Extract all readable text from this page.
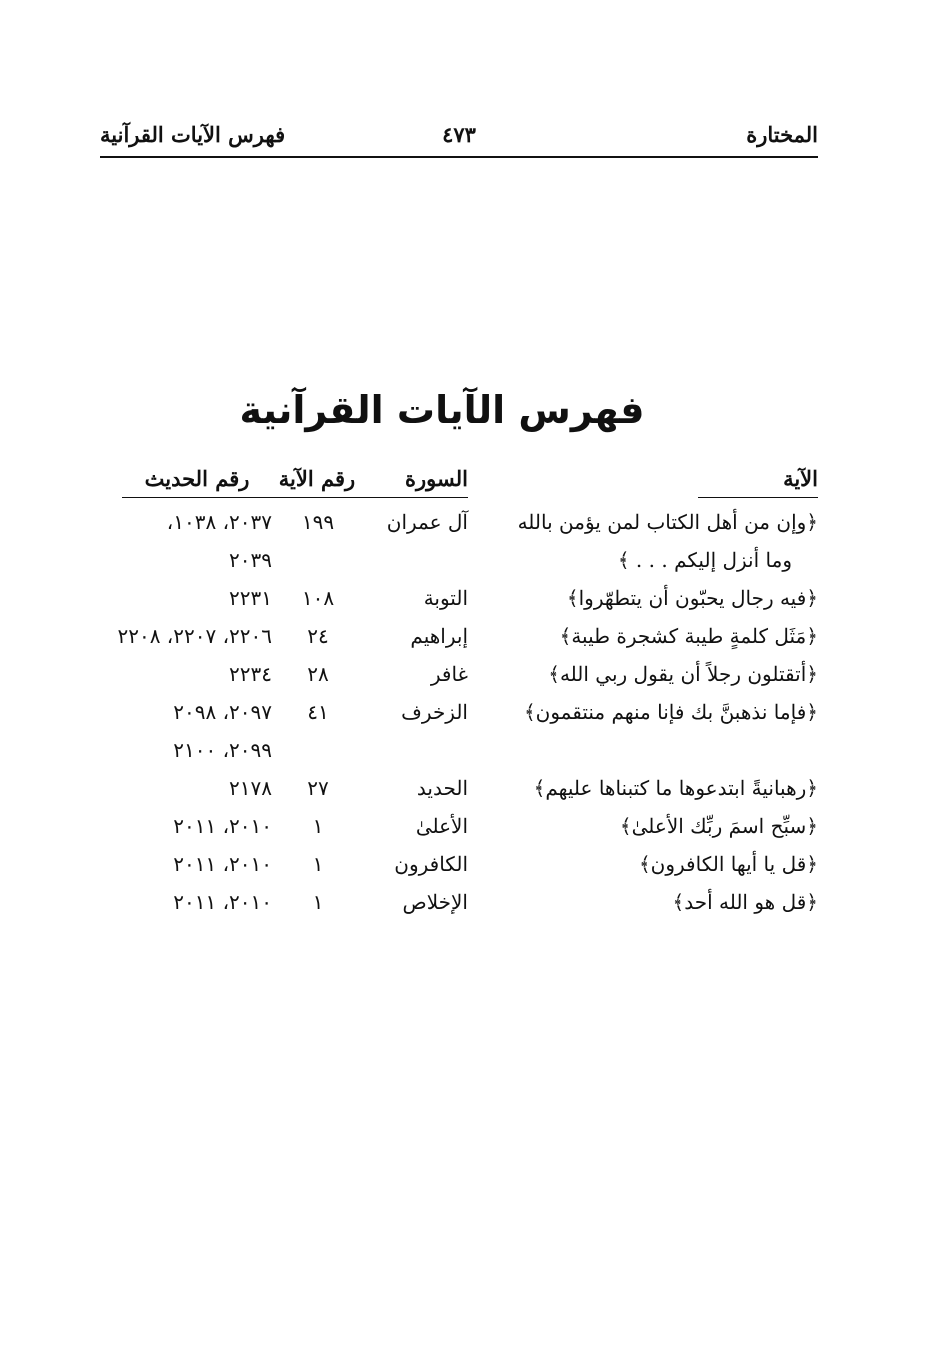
المختارة
٤٧٣
فهرس الآيات القرآنية
فهرس الآيات القرآنية
الآية
السورة
رقم الآية
رقم الحديث
﴿وإن من أهل الكتاب لمن يؤمن بالله
آل عمران
١٩٩
٢٠٣٧، ١٠٣٨،
وما أنزل إليكم . . . ﴾
٢٠٣٩
﴿فيه رجال يحبّون أن يتطهّروا﴾
التوبة
١٠٨
٢٢٣١
﴿مَثَل كلمةٍ طيبة كشجرة طيبة﴾
إبراهيم
٢٤
٢٢٠٦، ٢٢٠٧، ٢٢٠٨
﴿أتقتلون رجلاً أن يقول ربي الله﴾
غافر
٢٨
٢٢٣٤
﴿فإما نذهبنَّ بك فإنا منهم منتقمون﴾
الزخرف
٤١
٢٠٩٧، ٢٠٩٨
٢٠٩٩، ٢١٠٠
﴿رهبانيةً ابتدعوها ما كتبناها عليهم﴾
الحديد
٢٧
٢١٧٨
﴿سبِّح اسمَ ربِّك الأعلىٰ﴾
الأعلىٰ
١
٢٠١٠، ٢٠١١
﴿قل يا أيها الكافرون﴾
الكافرون
١
٢٠١٠، ٢٠١١
﴿قل هو الله أحد﴾
الإخلاص
١
٢٠١٠، ٢٠١١
